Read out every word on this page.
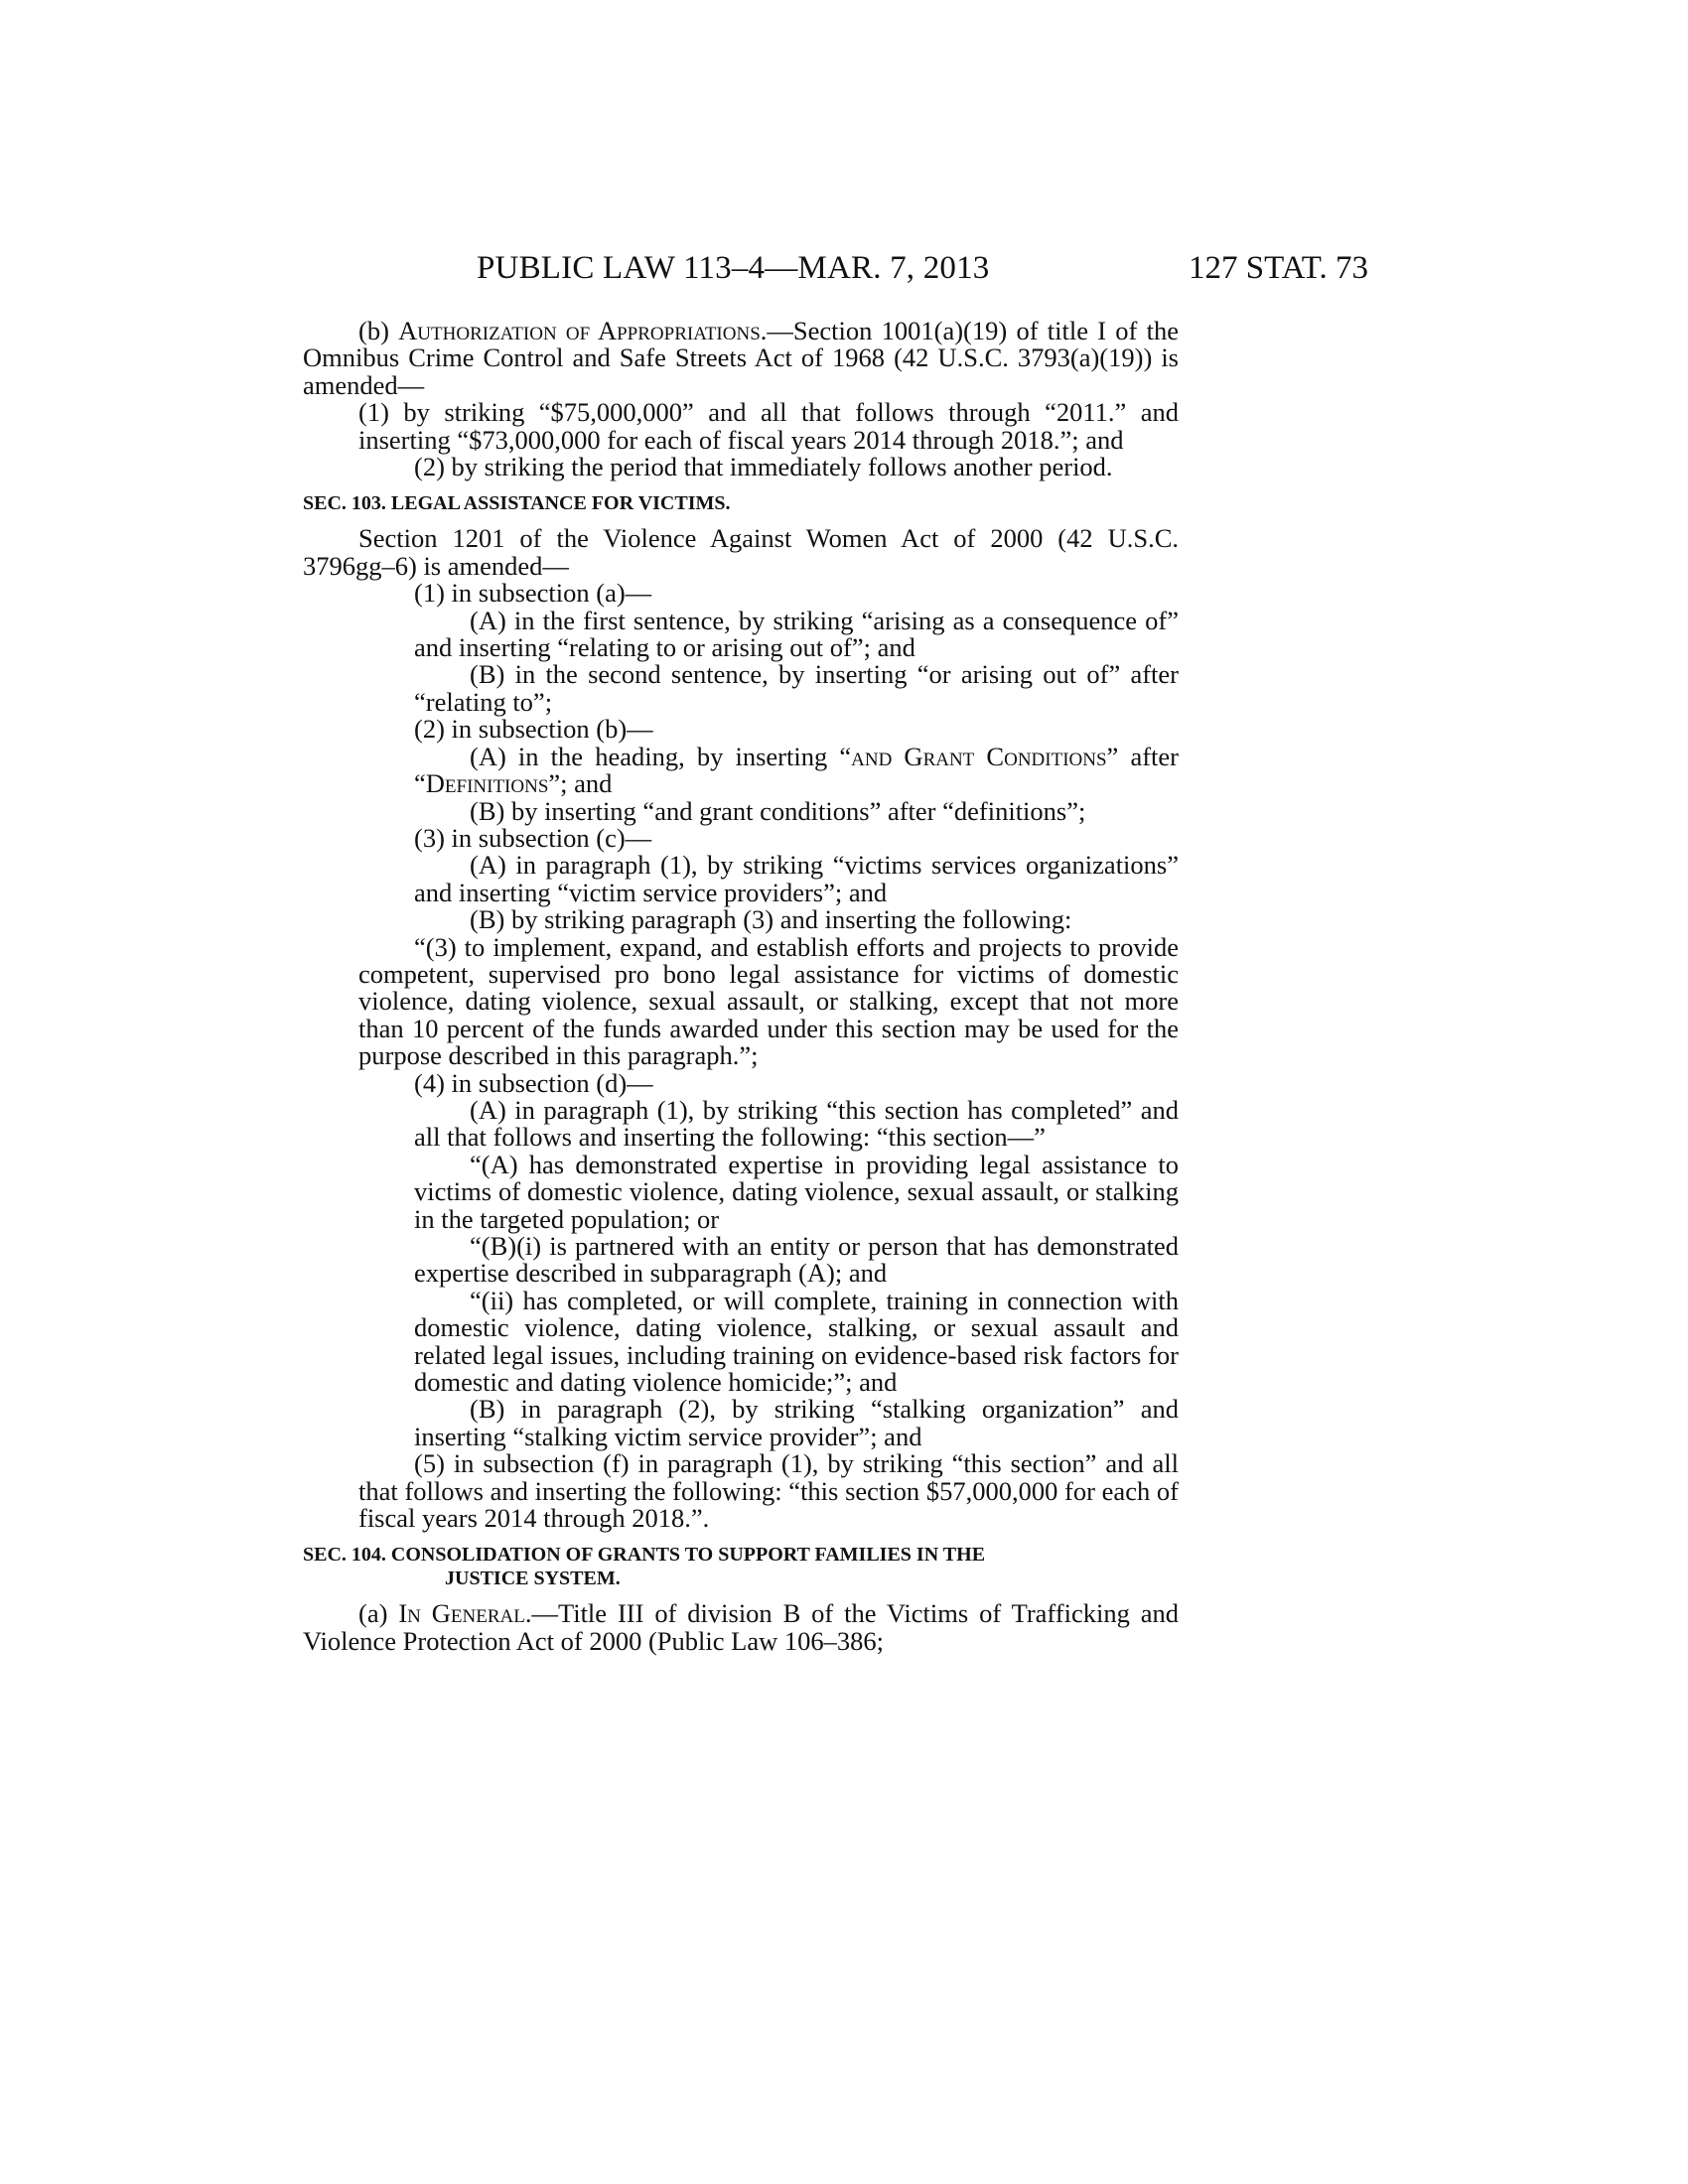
PUBLIC LAW 113–4—MAR. 7, 2013	127 STAT. 73

(b) Authorization of Appropriations.—Section 1001(a)(19) of title I of the Omnibus Crime Control and Safe Streets Act of 1968 (42 U.S.C. 3793(a)(19)) is amended—

(1) by striking “$75,000,000” and all that follows through “2011.” and inserting “$73,000,000 for each of fiscal years 2014 through 2018.”; and

(2) by striking the period that immediately follows another period.

SEC. 103. LEGAL ASSISTANCE FOR VICTIMS.

Section 1201 of the Violence Against Women Act of 2000 (42 U.S.C. 3796gg–6) is amended—

(1) in subsection (a)—

(A) in the first sentence, by striking “arising as a consequence of” and inserting “relating to or arising out of”; and

(B) in the second sentence, by inserting “or arising out of” after “relating to”;

(2) in subsection (b)—

(A) in the heading, by inserting “and Grant Conditions” after “Definitions”; and

(B) by inserting “and grant conditions” after “definitions”;

(3) in subsection (c)—

(A) in paragraph (1), by striking “victims services organizations” and inserting “victim service providers”; and

(B) by striking paragraph (3) and inserting the following:

“(3) to implement, expand, and establish efforts and projects to provide competent, supervised pro bono legal assistance for victims of domestic violence, dating violence, sexual assault, or stalking, except that not more than 10 percent of the funds awarded under this section may be used for the purpose described in this paragraph.”;

(4) in subsection (d)—

(A) in paragraph (1), by striking “this section has completed” and all that follows and inserting the following: “this section—”

“(A) has demonstrated expertise in providing legal assistance to victims of domestic violence, dating violence, sexual assault, or stalking in the targeted population; or

“(B)(i) is partnered with an entity or person that has demonstrated expertise described in subparagraph (A); and

“(ii) has completed, or will complete, training in connection with domestic violence, dating violence, stalking, or sexual assault and related legal issues, including training on evidence-based risk factors for domestic and dating violence homicide;”; and

(B) in paragraph (2), by striking “stalking organization” and inserting “stalking victim service provider”; and

(5) in subsection (f) in paragraph (1), by striking “this section” and all that follows and inserting the following: “this section $57,000,000 for each of fiscal years 2014 through 2018.”.

SEC. 104. CONSOLIDATION OF GRANTS TO SUPPORT FAMILIES IN THE
JUSTICE SYSTEM.

(a) In General.—Title III of division B of the Victims of Trafficking and Violence Protection Act of 2000 (Public Law 106–386;
